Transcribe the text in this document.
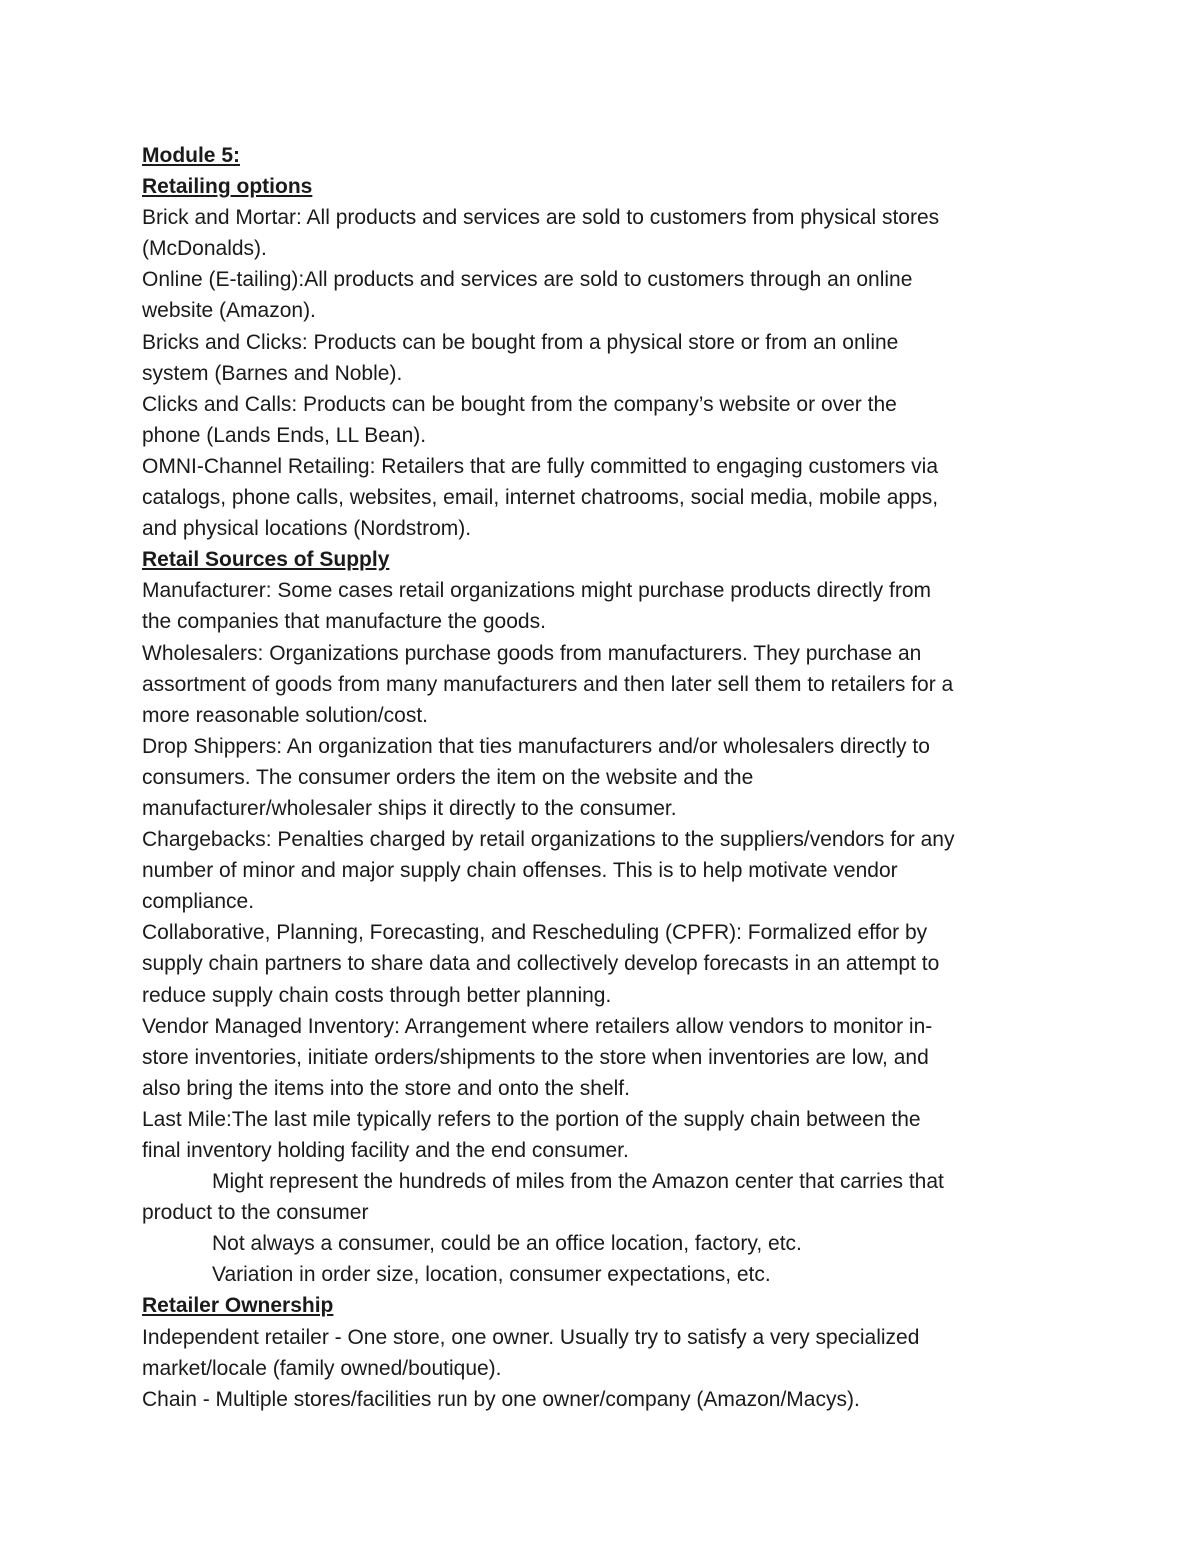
Module 5:
Retailing options
Brick and Mortar: All products and services are sold to customers from physical stores
(McDonalds).
Online (E-tailing):All products and services are sold to customers through an online
website (Amazon).
Bricks and Clicks: Products can be bought from a physical store or from an online
system (Barnes and Noble).
Clicks and Calls: Products can be bought from the company’s website or over the
phone (Lands Ends, LL Bean).
OMNI-Channel Retailing: Retailers that are fully committed to engaging customers via
catalogs, phone calls, websites, email, internet chatrooms, social media, mobile apps,
and physical locations (Nordstrom).
Retail Sources of Supply
Manufacturer: Some cases retail organizations might purchase products directly from
the companies that manufacture the goods.
Wholesalers: Organizations purchase goods from manufacturers. They purchase an
assortment of goods from many manufacturers and then later sell them to retailers for a
more reasonable solution/cost.
Drop Shippers: An organization that ties manufacturers and/or wholesalers directly to
consumers. The consumer orders the item on the website and the
manufacturer/wholesaler ships it directly to the consumer.
Chargebacks: Penalties charged by retail organizations to the suppliers/vendors for any
number of minor and major supply chain offenses. This is to help motivate vendor
compliance.
Collaborative, Planning, Forecasting, and Rescheduling (CPFR): Formalized effor by
supply chain partners to share data and collectively develop forecasts in an attempt to
reduce supply chain costs through better planning.
Vendor Managed Inventory: Arrangement where retailers allow vendors to monitor in-
store inventories, initiate orders/shipments to the store when inventories are low, and
also bring the items into the store and onto the shelf.
Last Mile:The last mile typically refers to the portion of the supply chain between the
final inventory holding facility and the end consumer.
Might represent the hundreds of miles from the Amazon center that carries that
product to the consumer
Not always a consumer, could be an office location, factory, etc.
Variation in order size, location, consumer expectations, etc.
Retailer Ownership
Independent retailer - One store, one owner. Usually try to satisfy a very specialized
market/locale (family owned/boutique).
Chain - Multiple stores/facilities run by one owner/company (Amazon/Macys).
